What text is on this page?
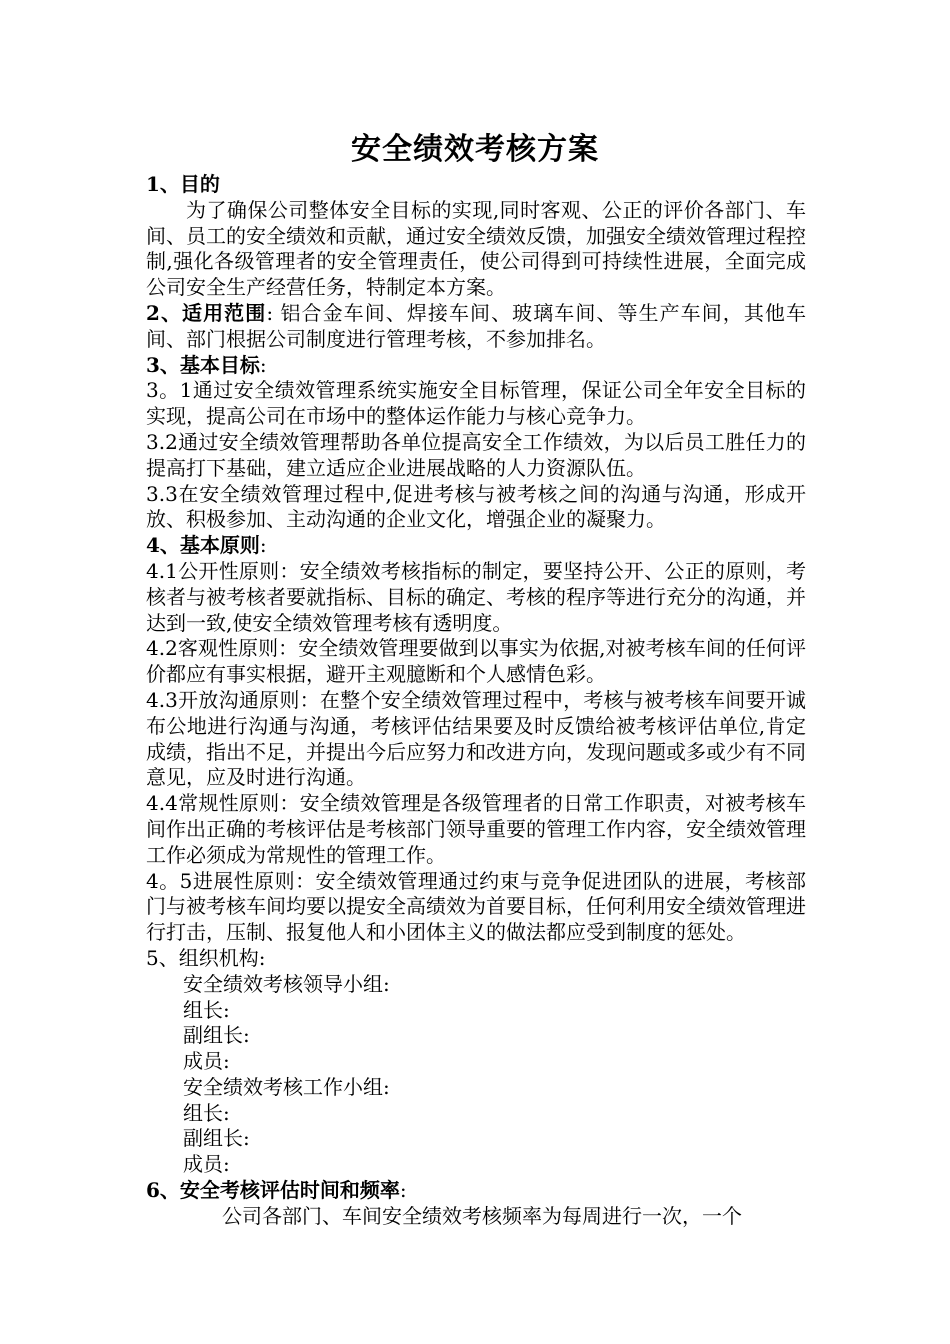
安全绩效考核方案

1、目的

为了确保公司整体安全目标的实现,同时客观、公正的评价各部门、车间、员工的安全绩效和贡献，通过安全绩效反馈，加强安全绩效管理过程控制,强化各级管理者的安全管理责任，使公司得到可持续性进展，全面完成公司安全生产经营任务，特制定本方案。

2、适用范围: 铝合金车间、焊接车间、玻璃车间、等生产车间，其他车间、部门根据公司制度进行管理考核，不参加排名。

3、基本目标:

3。1通过安全绩效管理系统实施安全目标管理，保证公司全年安全目标的实现，提高公司在市场中的整体运作能力与核心竞争力。

3.2通过安全绩效管理帮助各单位提高安全工作绩效，为以后员工胜任力的提高打下基础，建立适应企业进展战略的人力资源队伍。

3.3在安全绩效管理过程中,促进考核与被考核之间的沟通与沟通，形成开放、积极参加、主动沟通的企业文化，增强企业的凝聚力。

4、基本原则:

4.1公开性原则：安全绩效考核指标的制定，要坚持公开、公正的原则，考核者与被考核者要就指标、目标的确定、考核的程序等进行充分的沟通，并达到一致,使安全绩效管理考核有透明度。

4.2客观性原则：安全绩效管理要做到以事实为依据,对被考核车间的任何评价都应有事实根据，避开主观臆断和个人感情色彩。

4.3开放沟通原则：在整个安全绩效管理过程中，考核与被考核车间要开诚布公地进行沟通与沟通，考核评估结果要及时反馈给被考核评估单位,肯定成绩，指出不足，并提出今后应努力和改进方向，发现问题或多或少有不同意见，应及时进行沟通。

4.4常规性原则：安全绩效管理是各级管理者的日常工作职责，对被考核车间作出正确的考核评估是考核部门领导重要的管理工作内容，安全绩效管理工作必须成为常规性的管理工作。

4。5进展性原则：安全绩效管理通过约束与竞争促进团队的进展，考核部门与被考核车间均要以提安全高绩效为首要目标，任何利用安全绩效管理进行打击，压制、报复他人和小团体主义的做法都应受到制度的惩处。

5、组织机构:

安全绩效考核领导小组:

组长:

副组长:

成员:

安全绩效考核工作小组:

组长:

副组长:

成员:

6、安全考核评估时间和频率:

公司各部门、车间安全绩效考核频率为每周进行一次，一个
